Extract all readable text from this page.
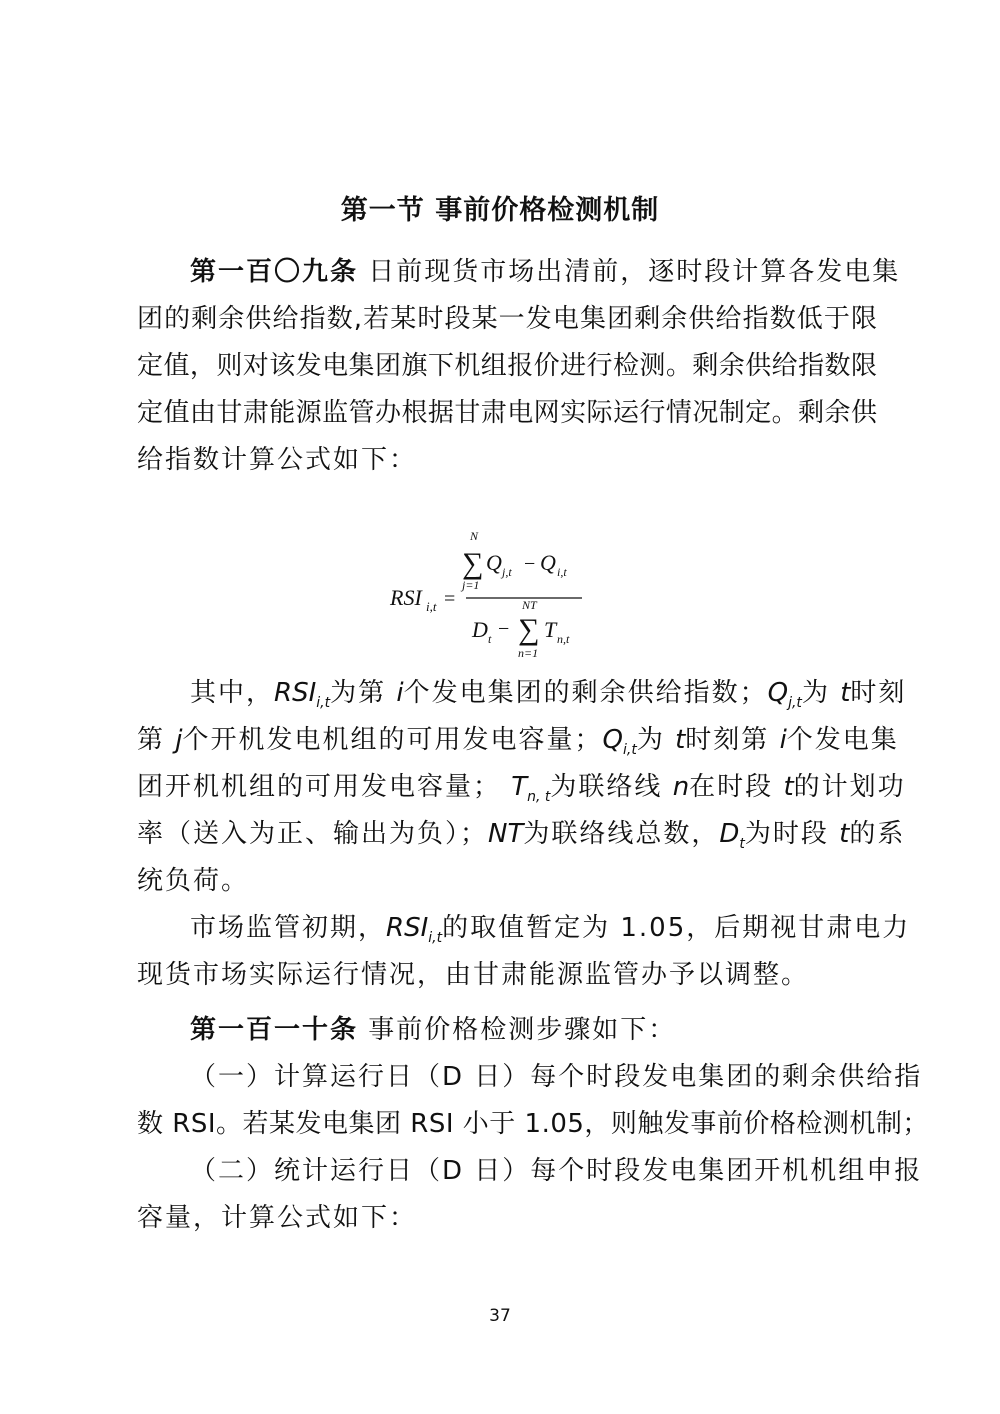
第一节 事前价格检测机制
第一百〇九条 日前现货市场出清前，逐时段计算各发电集
团的剩余供给指数,若某时段某一发电集团剩余供给指数低于限
定值，则对该发电集团旗下机组报价进行检测。剩余供给指数限
定值由甘肃能源监管办根据甘肃电网实际运行情况制定。剩余供
给指数计算公式如下：
RSI i,t =
N
∑
j=1
Q j,t − Q i,t
D t −
NT
∑
n=1
T n,t
其中，$RSI_{i,t}$为第 i个发电集团的剩余供给指数；$Q_{j,t}$为 t时刻
第 j个开机发电机组的可用发电容量；$Q_{i,t}$为 t时刻第 i个发电集
团开机机组的可用发电容量； $T_{n, t}$为联络线 n在时段 t的计划功
率（送入为正、输出为负）；NT为联络线总数，$D_t$为时段 t的系
统负荷。
市场监管初期，$RSI_{i,t}$的取值暂定为 1.05，后期视甘肃电力
现货市场实际运行情况，由甘肃能源监管办予以调整。
第一百一十条 事前价格检测步骤如下：
（一）计算运行日（D 日）每个时段发电集团的剩余供给指
数 RSI。若某发电集团 RSI 小于 1.05，则触发事前价格检测机制；
（二）统计运行日（D 日）每个时段发电集团开机机组申报
容量，计算公式如下：
37
